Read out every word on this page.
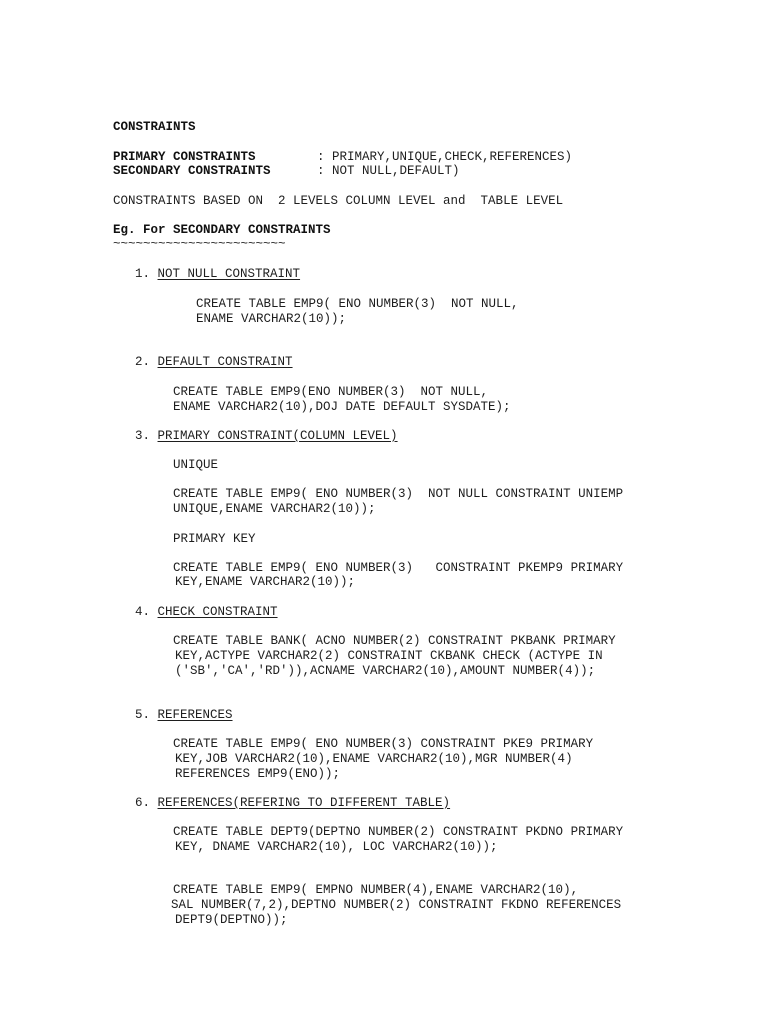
CONSTRAINTS
PRIMARY CONSTRAINTS	: PRIMARY,UNIQUE,CHECK,REFERENCES)
SECONDARY CONSTRAINTS	: NOT NULL,DEFAULT)
CONSTRAINTS BASED ON  2 LEVELS COLUMN LEVEL and  TABLE LEVEL
Eg. For SECONDARY CONSTRAINTS
~~~~~~~~~~~~~~~~~~~~~~~
1. NOT NULL CONSTRAINT
CREATE TABLE EMP9( ENO NUMBER(3)  NOT NULL,
ENAME VARCHAR2(10));
2. DEFAULT CONSTRAINT
CREATE TABLE EMP9(ENO NUMBER(3)  NOT NULL,
ENAME VARCHAR2(10),DOJ DATE DEFAULT SYSDATE);
3. PRIMARY CONSTRAINT(COLUMN LEVEL)
UNIQUE
CREATE TABLE EMP9( ENO NUMBER(3)  NOT NULL CONSTRAINT UNIEMP
UNIQUE,ENAME VARCHAR2(10));
PRIMARY KEY
CREATE TABLE EMP9( ENO NUMBER(3)   CONSTRAINT PKEMP9 PRIMARY
KEY,ENAME VARCHAR2(10));
4. CHECK CONSTRAINT
CREATE TABLE BANK( ACNO NUMBER(2) CONSTRAINT PKBANK PRIMARY
KEY,ACTYPE VARCHAR2(2) CONSTRAINT CKBANK CHECK (ACTYPE IN
('SB','CA','RD')),ACNAME VARCHAR2(10),AMOUNT NUMBER(4));
5. REFERENCES
CREATE TABLE EMP9( ENO NUMBER(3) CONSTRAINT PKE9 PRIMARY
KEY,JOB VARCHAR2(10),ENAME VARCHAR2(10),MGR NUMBER(4)
REFERENCES EMP9(ENO));
6. REFERENCES(REFERING TO DIFFERENT TABLE)
CREATE TABLE DEPT9(DEPTNO NUMBER(2) CONSTRAINT PKDNO PRIMARY
KEY, DNAME VARCHAR2(10), LOC VARCHAR2(10));
CREATE TABLE EMP9( EMPNO NUMBER(4),ENAME VARCHAR2(10),
SAL NUMBER(7,2),DEPTNO NUMBER(2) CONSTRAINT FKDNO REFERENCES
DEPT9(DEPTNO));
